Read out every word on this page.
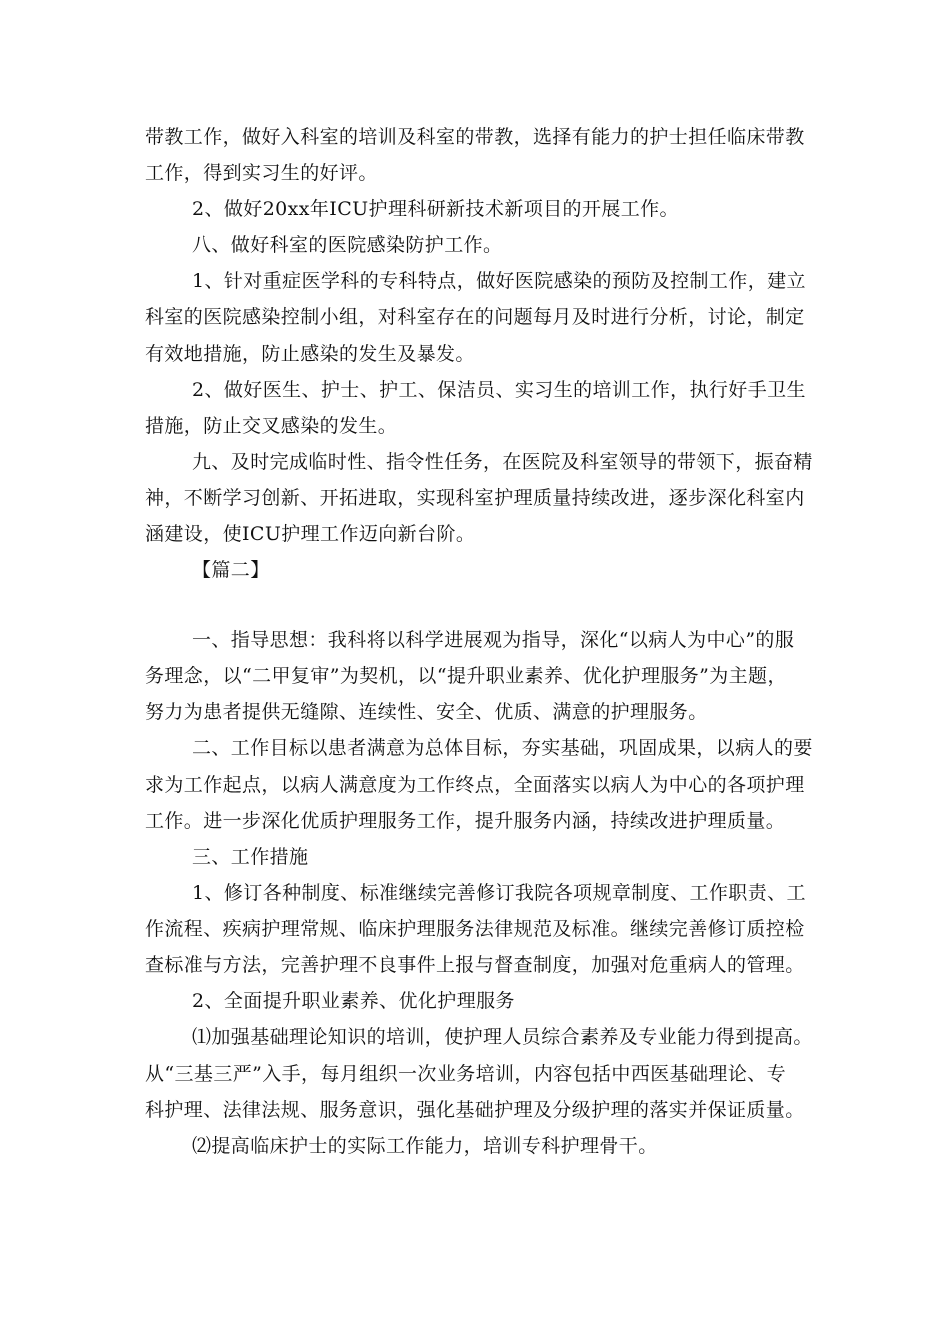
带教工作，做好入科室的培训及科室的带教，选择有能力的护士担任临床带教
工作，得到实习生的好评。
2、做好20xx年ICU护理科研新技术新项目的开展工作。
八、做好科室的医院感染防护工作。
1、针对重症医学科的专科特点，做好医院感染的预防及控制工作，建立
科室的医院感染控制小组，对科室存在的问题每月及时进行分析，讨论，制定
有效地措施，防止感染的发生及暴发。
2、做好医生、护士、护工、保洁员、实习生的培训工作，执行好手卫生
措施，防止交叉感染的发生。
九、及时完成临时性、指令性任务，在医院及科室领导的带领下，振奋精
神，不断学习创新、开拓进取，实现科室护理质量持续改进，逐步深化科室内
涵建设，使ICU护理工作迈向新台阶。
【篇二】
一、指导思想：我科将以科学进展观为指导，深化“以病人为中心”的服
务理念，以“二甲复审”为契机，以“提升职业素养、优化护理服务”为主题，
努力为患者提供无缝隙、连续性、安全、优质、满意的护理服务。
二、工作目标以患者满意为总体目标，夯实基础，巩固成果，以病人的要
求为工作起点，以病人满意度为工作终点，全面落实以病人为中心的各项护理
工作。进一步深化优质护理服务工作，提升服务内涵，持续改进护理质量。
三、工作措施
1、修订各种制度、标准继续完善修订我院各项规章制度、工作职责、工
作流程、疾病护理常规、临床护理服务法律规范及标准。继续完善修订质控检
查标准与方法，完善护理不良事件上报与督查制度，加强对危重病人的管理。
2、全面提升职业素养、优化护理服务
⑴加强基础理论知识的培训，使护理人员综合素养及专业能力得到提高。
从“三基三严”入手，每月组织一次业务培训，内容包括中西医基础理论、专
科护理、法律法规、服务意识，强化基础护理及分级护理的落实并保证质量。
⑵提高临床护士的实际工作能力，培训专科护理骨干。
